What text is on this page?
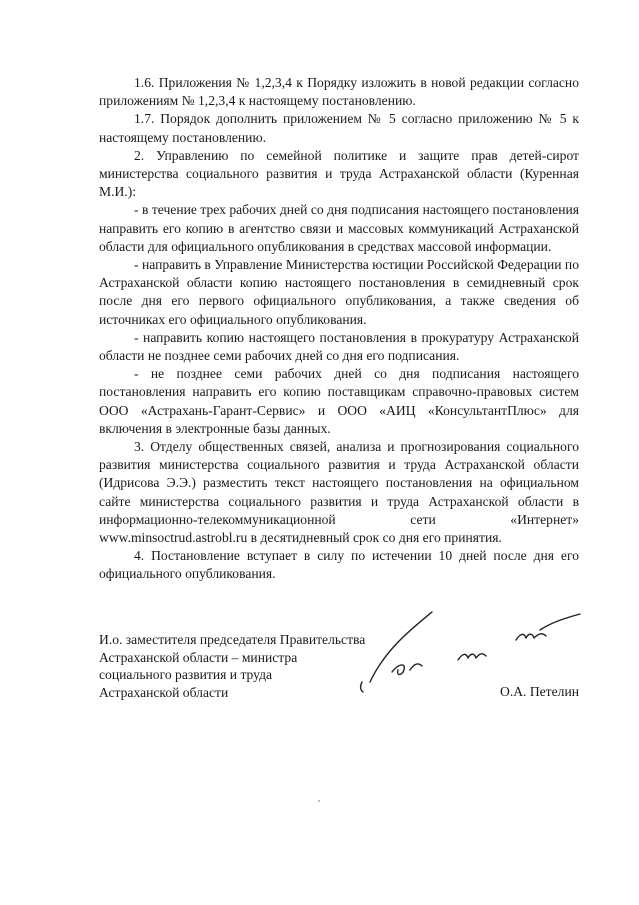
1.6. Приложения № 1,2,3,4 к Порядку изложить в новой редакции согласно приложениям № 1,2,3,4 к настоящему постановлению.

1.7. Порядок дополнить приложением № 5 согласно приложению № 5 к настоящему постановлению.

2. Управлению по семейной политике и защите прав детей-сирот министерства социального развития и труда Астраханской области (Куренная М.И.):

- в течение трех рабочих дней со дня подписания настоящего постановления направить его копию в агентство связи и массовых коммуникаций Астраханской области для официального опубликования в средствах массовой информации.

- направить в Управление Министерства юстиции Российской Федерации по Астраханской области копию настоящего постановления в семидневный срок после дня его первого официального опубликования, а также сведения об источниках его официального опубликования.

- направить копию настоящего постановления в прокуратуру Астраханской области не позднее семи рабочих дней со дня его подписания.

- не позднее семи рабочих дней со дня подписания настоящего постановления направить его копию поставщикам справочно-правовых систем ООО «Астрахань-Гарант-Сервис» и ООО «АИЦ «КонсультантПлюс» для включения в электронные базы данных.

3. Отделу общественных связей, анализа и прогнозирования социального развития министерства социального развития и труда Астраханской области (Идрисова Э.Э.) разместить текст настоящего постановления на официальном сайте министерства социального развития и труда Астраханской области в информационно-телекоммуникационной сети «Интернет» www.minsoctrud.astrobl.ru в десятидневный срок со дня его принятия.

4. Постановление вступает в силу по истечении 10 дней после дня его официального опубликования.

И.о. заместителя председателя Правительства
Астраханской области – министра
социального развития и труда
Астраханской области	О.А. Петелин
